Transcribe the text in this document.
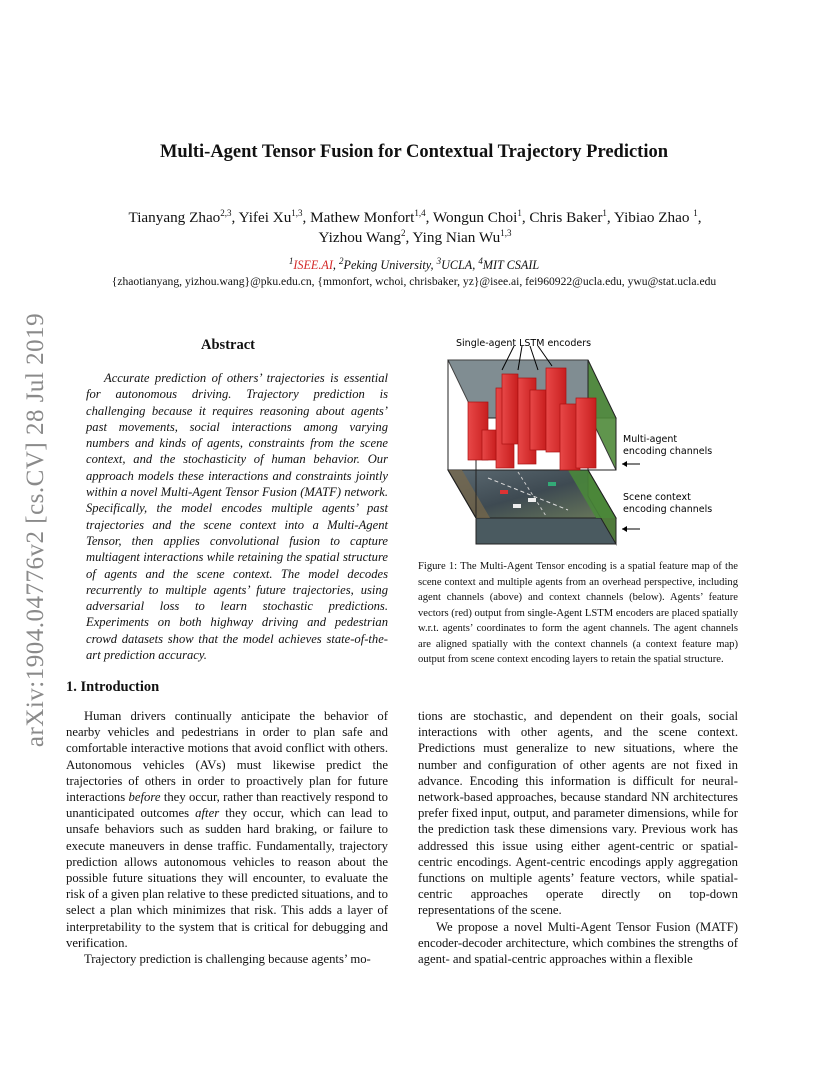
arXiv:1904.04776v2 [cs.CV] 28 Jul 2019
Multi-Agent Tensor Fusion for Contextual Trajectory Prediction
Tianyang Zhao$^{2,3}$, Yifei Xu$^{1,3}$, Mathew Monfort$^{1,4}$, Wongun Choi$^1$, Chris Baker$^1$, Yibiao Zhao $^1$,
Yizhou Wang$^2$, Ying Nian Wu$^{1,3}$
$^1$ISEE.AI, $^2$Peking University, $^3$UCLA, $^4$MIT CSAIL
{zhaotianyang, yizhou.wang}@pku.edu.cn, {mmonfort, wchoi, chrisbaker, yz}@isee.ai, fei960922@ucla.edu, ywu@stat.ucla.edu
Abstract
Accurate prediction of others’ trajectories is essential for autonomous driving. Trajectory prediction is challenging because it requires reasoning about agents’ past movements, social interactions among varying numbers and kinds of agents, constraints from the scene context, and the stochasticity of human behavior. Our approach models these interactions and constraints jointly within a novel Multi-Agent Tensor Fusion (MATF) network. Specifically, the model encodes multiple agents’ past trajectories and the scene context into a Multi-Agent Tensor, then applies convolutional fusion to capture multiagent interactions while retaining the spatial structure of agents and the scene context. The model decodes recurrently to multiple agents’ future trajectories, using adversarial loss to learn stochastic predictions. Experiments on both highway driving and pedestrian crowd datasets show that the model achieves state-of-the-art prediction accuracy.
Single-agent LSTM encoders
Multi-agent
encoding channels
Scene context
encoding channels
Figure 1: The Multi-Agent Tensor encoding is a spatial feature map of the scene context and multiple agents from an overhead perspective, including agent channels (above) and context channels (below). Agents’ feature vectors (red) output from single-Agent LSTM encoders are placed spatially w.r.t. agents’ coordinates to form the agent channels. The agent channels are aligned spatially with the context channels (a context feature map) output from scene context encoding layers to retain the spatial structure.
1. Introduction

Human drivers continually anticipate the behavior of nearby vehicles and pedestrians in order to plan safe and comfortable interactive motions that avoid conflict with others. Autonomous vehicles (AVs) must likewise predict the trajectories of others in order to proactively plan for future interactions before they occur, rather than reactively respond to unanticipated outcomes after they occur, which can lead to unsafe behaviors such as sudden hard braking, or failure to execute maneuvers in dense traffic. Fundamentally, trajectory prediction allows autonomous vehicles to reason about the possible future situations they will encounter, to evaluate the risk of a given plan relative to these predicted situations, and to select a plan which minimizes that risk. This adds a layer of interpretability to the system that is critical for debugging and verification.

Trajectory prediction is challenging because agents’ mo-

tions are stochastic, and dependent on their goals, social interactions with other agents, and the scene context. Predictions must generalize to new situations, where the number and configuration of other agents are not fixed in advance. Encoding this information is difficult for neural-network-based approaches, because standard NN architectures prefer fixed input, output, and parameter dimensions, while for the prediction task these dimensions vary. Previous work has addressed this issue using either agent-centric or spatial-centric encodings. Agent-centric encodings apply aggregation functions on multiple agents’ feature vectors, while spatial-centric approaches operate directly on top-down representations of the scene.

We propose a novel Multi-Agent Tensor Fusion (MATF) encoder-decoder architecture, which combines the strengths of agent- and spatial-centric approaches within a flexible
